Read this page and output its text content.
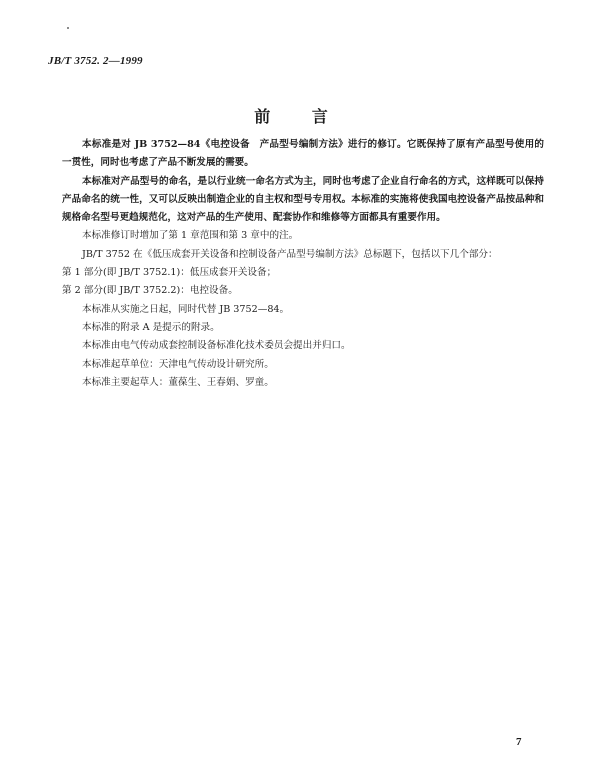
JB/T 3752. 2—1999
前 言

本标准是对 JB 3752—84《电控设备　产品型号编制方法》进行的修订。它既保持了原有产品型号使用的一贯性，同时也考虑了产品不断发展的需要。

本标准对产品型号的命名，是以行业统一命名方式为主，同时也考虑了企业自行命名的方式，这样既可以保持产品命名的统一性，又可以反映出制造企业的自主权和型号专用权。本标准的实施将使我国电控设备产品按品种和规格命名型号更趋规范化，这对产品的生产使用、配套协作和维修等方面都具有重要作用。

本标准修订时增加了第 1 章范围和第 3 章中的注。

JB/T 3752 在《低压成套开关设备和控制设备产品型号编制方法》总标题下，包括以下几个部分：

第 1 部分(即 JB/T 3752.1)：低压成套开关设备；

第 2 部分(即 JB/T 3752.2)：电控设备。

本标准从实施之日起，同时代替 JB 3752—84。

本标准的附录 A 是提示的附录。

本标准由电气传动成套控制设备标准化技术委员会提出并归口。

本标准起草单位：天津电气传动设计研究所。

本标准主要起草人：董葆生、王春娟、罗童。

7
